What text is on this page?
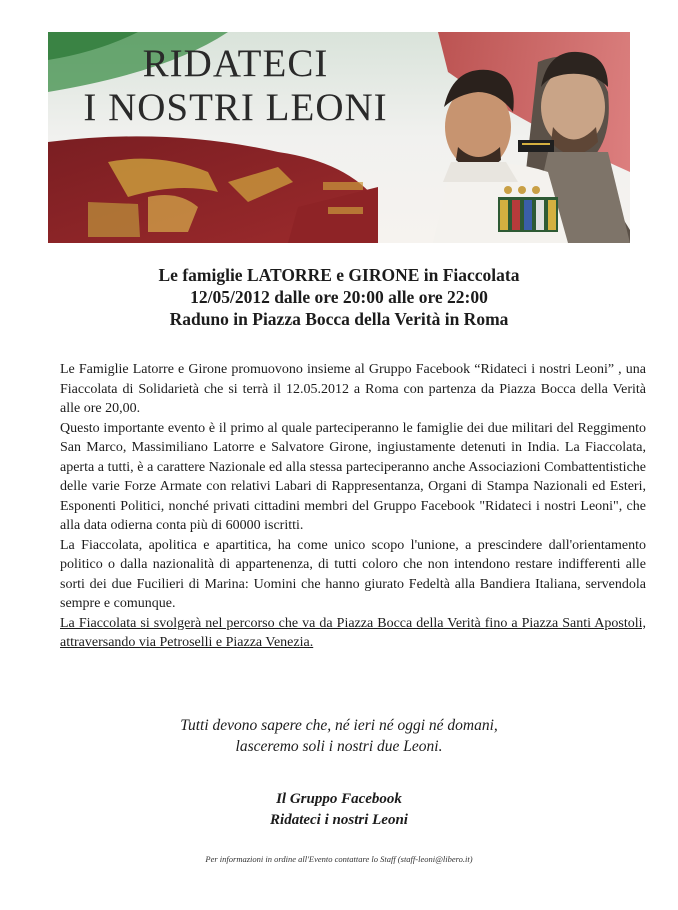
RIDATECI
I NOSTRI LEONI
Le famiglie LATORRE e GIRONE in Fiaccolata
12/05/2012 dalle ore 20:00 alle ore 22:00
Raduno in Piazza Bocca della Verità in Roma

Le Famiglie Latorre e Girone promuovono insieme al Gruppo Facebook “Ridateci i nostri Leoni” , una Fiaccolata di Solidarietà che si terrà il 12.05.2012 a Roma con partenza da Piazza Bocca della Verità alle ore 20,00.

Questo importante evento è il primo al quale parteciperanno le famiglie dei due militari del Reggimento San Marco, Massimiliano Latorre e Salvatore Girone, ingiustamente detenuti in India. La Fiaccolata, aperta a tutti, è a carattere Nazionale ed alla stessa parteciperanno anche Associazioni Combattentistiche delle varie Forze Armate con relativi Labari di Rappresentanza, Organi di Stampa Nazionali ed Esteri, Esponenti Politici, nonché privati cittadini membri del Gruppo Facebook "Ridateci i nostri Leoni", che alla data odierna conta più di 60000 iscritti.

La Fiaccolata, apolitica e apartitica, ha come unico scopo l'unione, a prescindere dall'orientamento politico o dalla nazionalità di appartenenza, di tutti coloro che non intendono restare indifferenti alle sorti dei due Fucilieri di Marina: Uomini che hanno giurato Fedeltà alla Bandiera Italiana, servendola sempre e comunque.

La Fiaccolata si svolgerà nel percorso che va da Piazza Bocca della Verità fino a Piazza Santi Apostoli, attraversando via Petroselli e Piazza Venezia.

Tutti devono sapere che, né ieri né oggi né domani,
lasceremo soli i nostri due Leoni.
Il Gruppo Facebook
Ridateci i nostri Leoni
Per informazioni in ordine all'Evento contattare lo Staff (staff-leoni@libero.it)
